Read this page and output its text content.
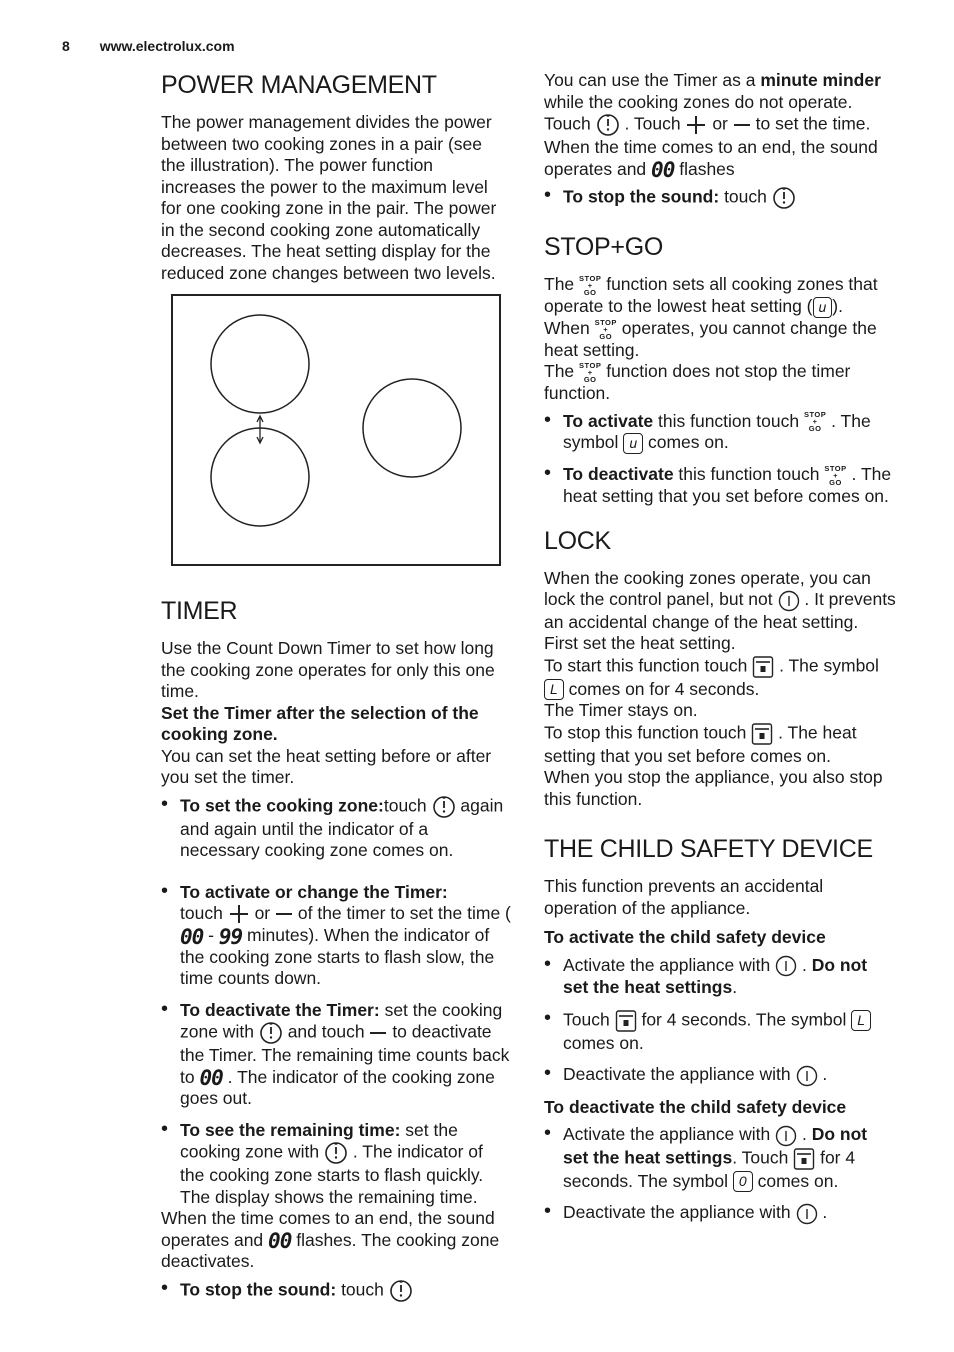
8 www.electrolux.com
POWER MANAGEMENT

The power management divides the power between two cooking zones in a pair (see the illustration). The power function increases the power to the maximum level for one cooking zone in the pair. The power in the second cooking zone automatically decreases. The heat setting display for the reduced zone changes between two levels.

TIMER

Use the Count Down Timer to set how long the cooking zone operates for only this one time.

Set the Timer after the selection of the cooking zone.

You can set the heat setting before or after you set the timer.

• To set the cooking zone:touch again and again until the indicator of a necessary cooking zone comes on.
• To activate or change the Timer:
touch or of the timer to set the time ( 00 - 99 minutes). When the indicator of the cooking zone starts to flash slow, the time counts down.
• To deactivate the Timer: set the cooking zone with and touch to deactivate the Timer. The remaining time counts back to 00 . The indicator of the cooking zone goes out.
• To see the remaining time: set the cooking zone with . The indicator of the cooking zone starts to flash quickly. The display shows the remaining time.

When the time comes to an end, the sound operates and 00 flashes. The cooking zone deactivates.

• To stop the sound: touch

You can use the Timer as a minute minder while the cooking zones do not operate. Touch . Touch or to set the time. When the time comes to an end, the sound operates and 00 flashes

• To stop the sound: touch
STOP+GO

The STOP
+
GO function sets all cooking zones that operate to the lowest heat setting ( u ).

When STOP
+
GO operates, you cannot change the heat setting.

The STOP
+
GO function does not stop the timer function.

• To activate this function touch STOP
+
GO . The symbol u comes on.
• To deactivate this function touch STOP
+
GO . The heat setting that you set before comes on.
LOCK

When the cooking zones operate, you can lock the control panel, but not . It prevents an accidental change of the heat setting.

First set the heat setting.

To start this function touch . The symbol L comes on for 4 seconds.

The Timer stays on.

To stop this function touch . The heat setting that you set before comes on.

When you stop the appliance, you also stop this function.

THE CHILD SAFETY DEVICE

This function prevents an accidental operation of the appliance.

To activate the child safety device

• Activate the appliance with . Do not set the heat settings.
• Touch for 4 seconds. The symbol L comes on.
• Deactivate the appliance with .

To deactivate the child safety device

• Activate the appliance with . Do not set the heat settings. Touch for 4 seconds. The symbol 0 comes on.
• Deactivate the appliance with .
